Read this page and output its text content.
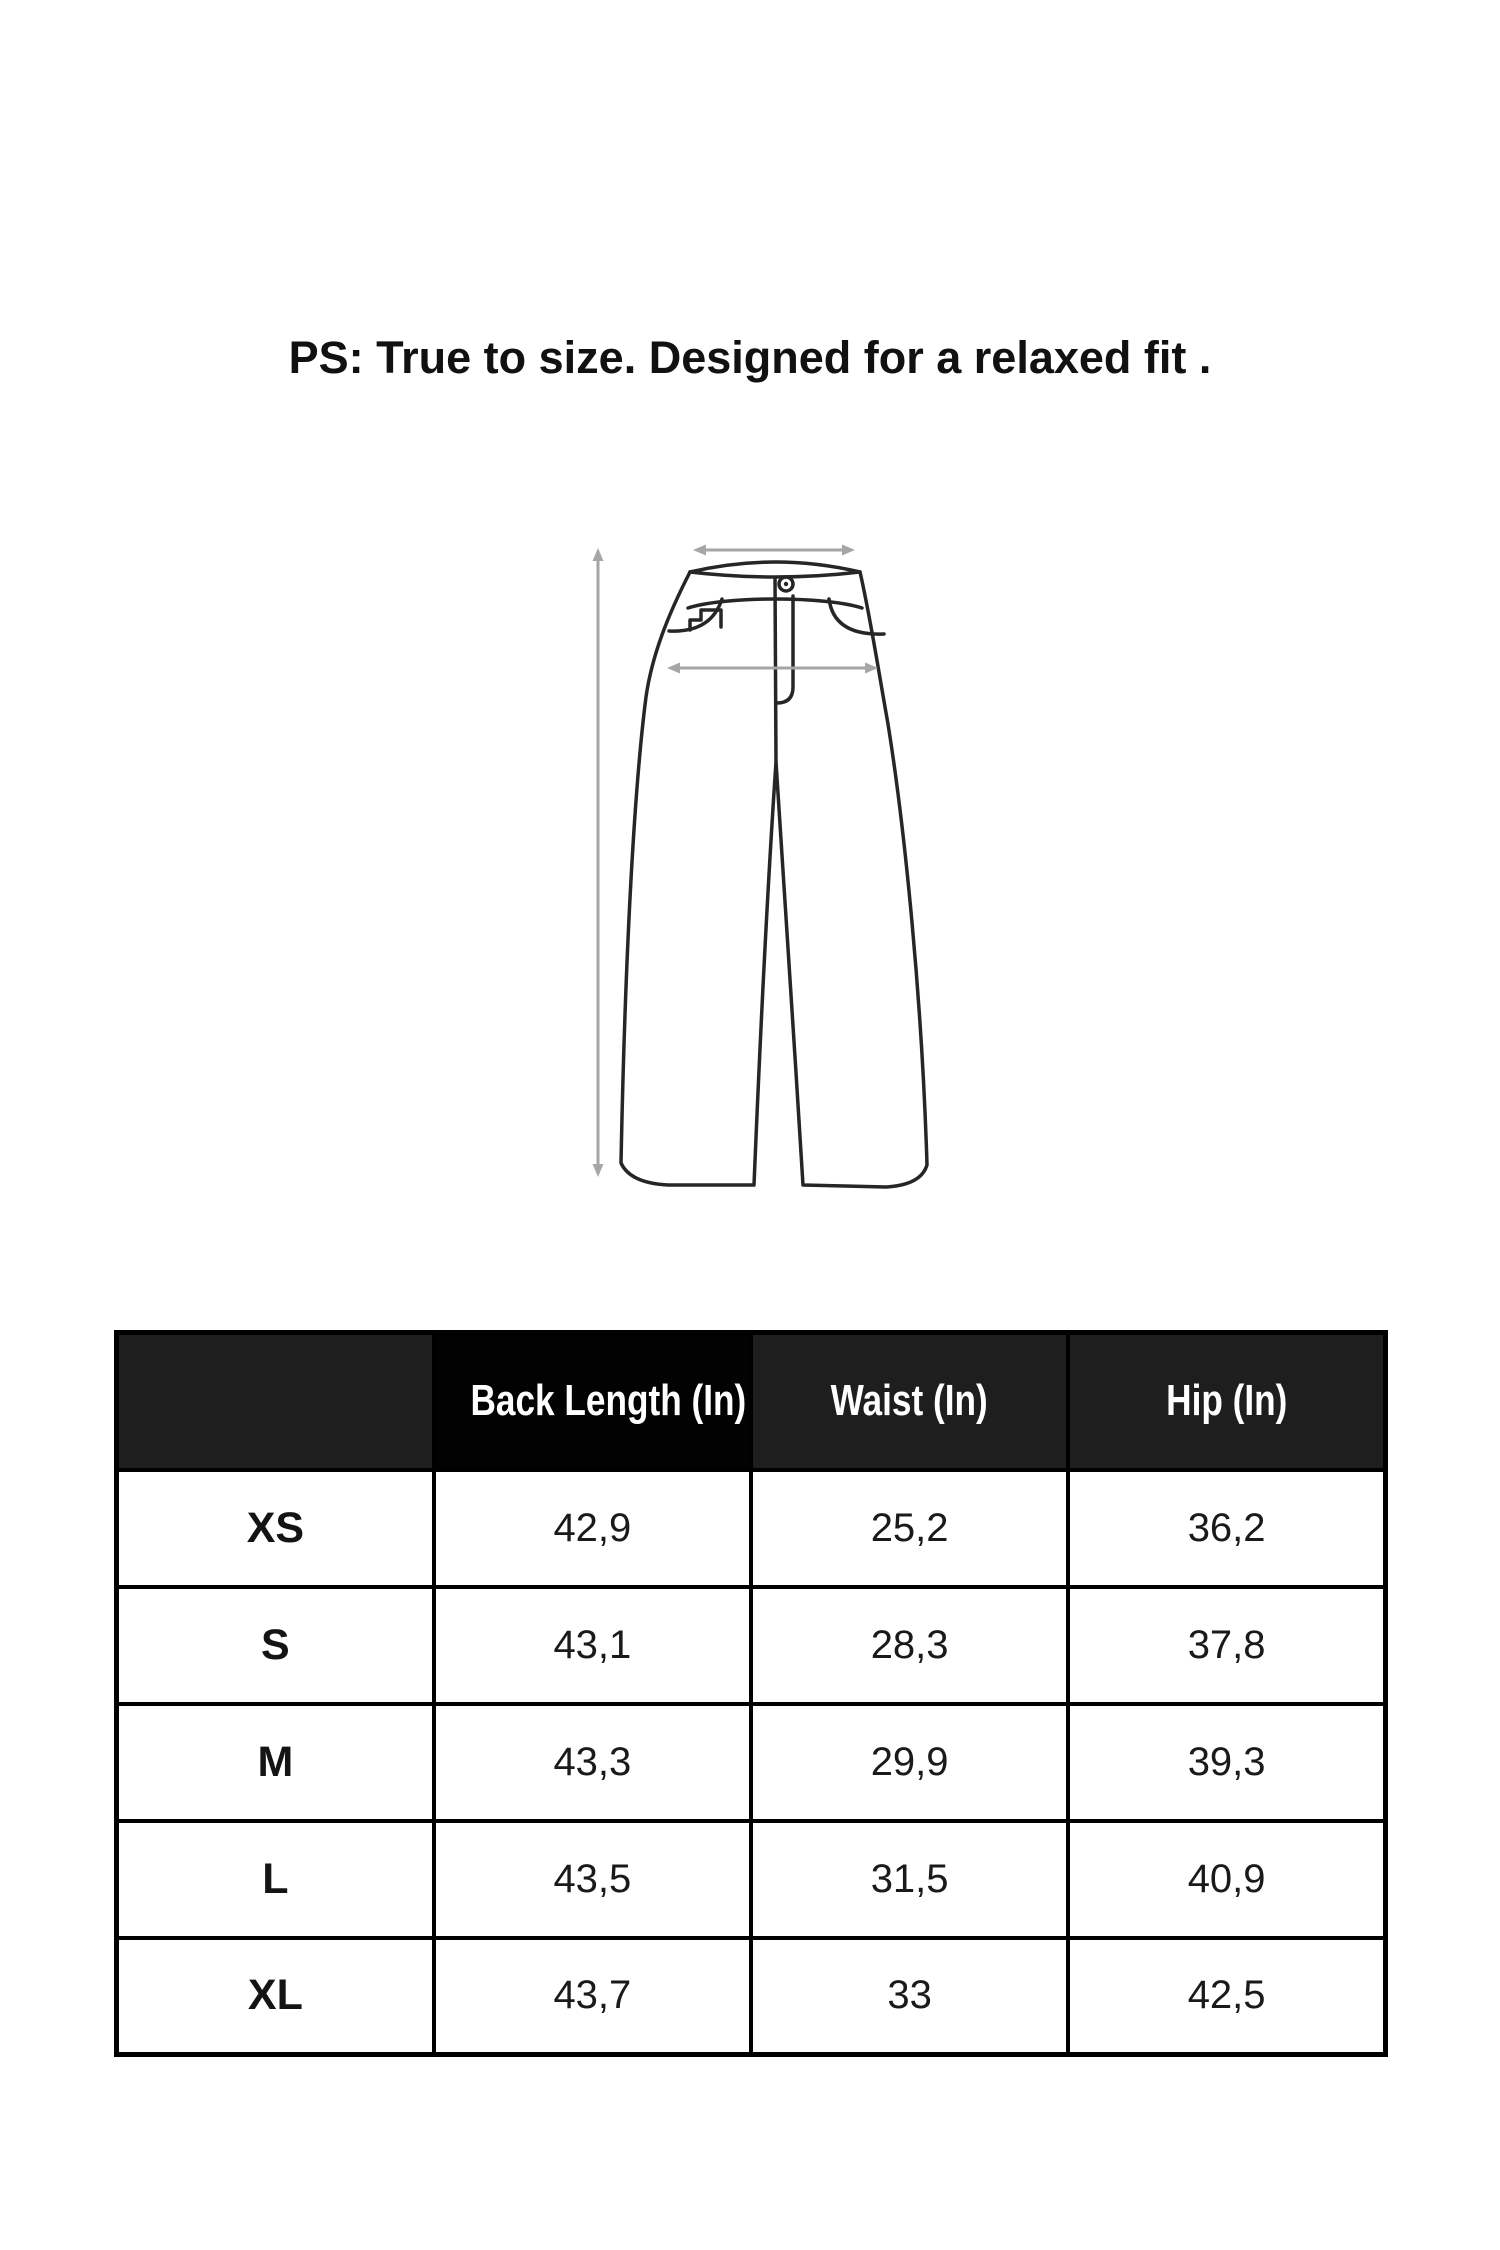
PS: True to size. Designed for a relaxed fit .
	Back Length (In)	Waist (In)	Hip (In)
XS	42,9	25,2	36,2
S	43,1	28,3	37,8
M	43,3	29,9	39,3
L	43,5	31,5	40,9
XL	43,7	33	42,5
